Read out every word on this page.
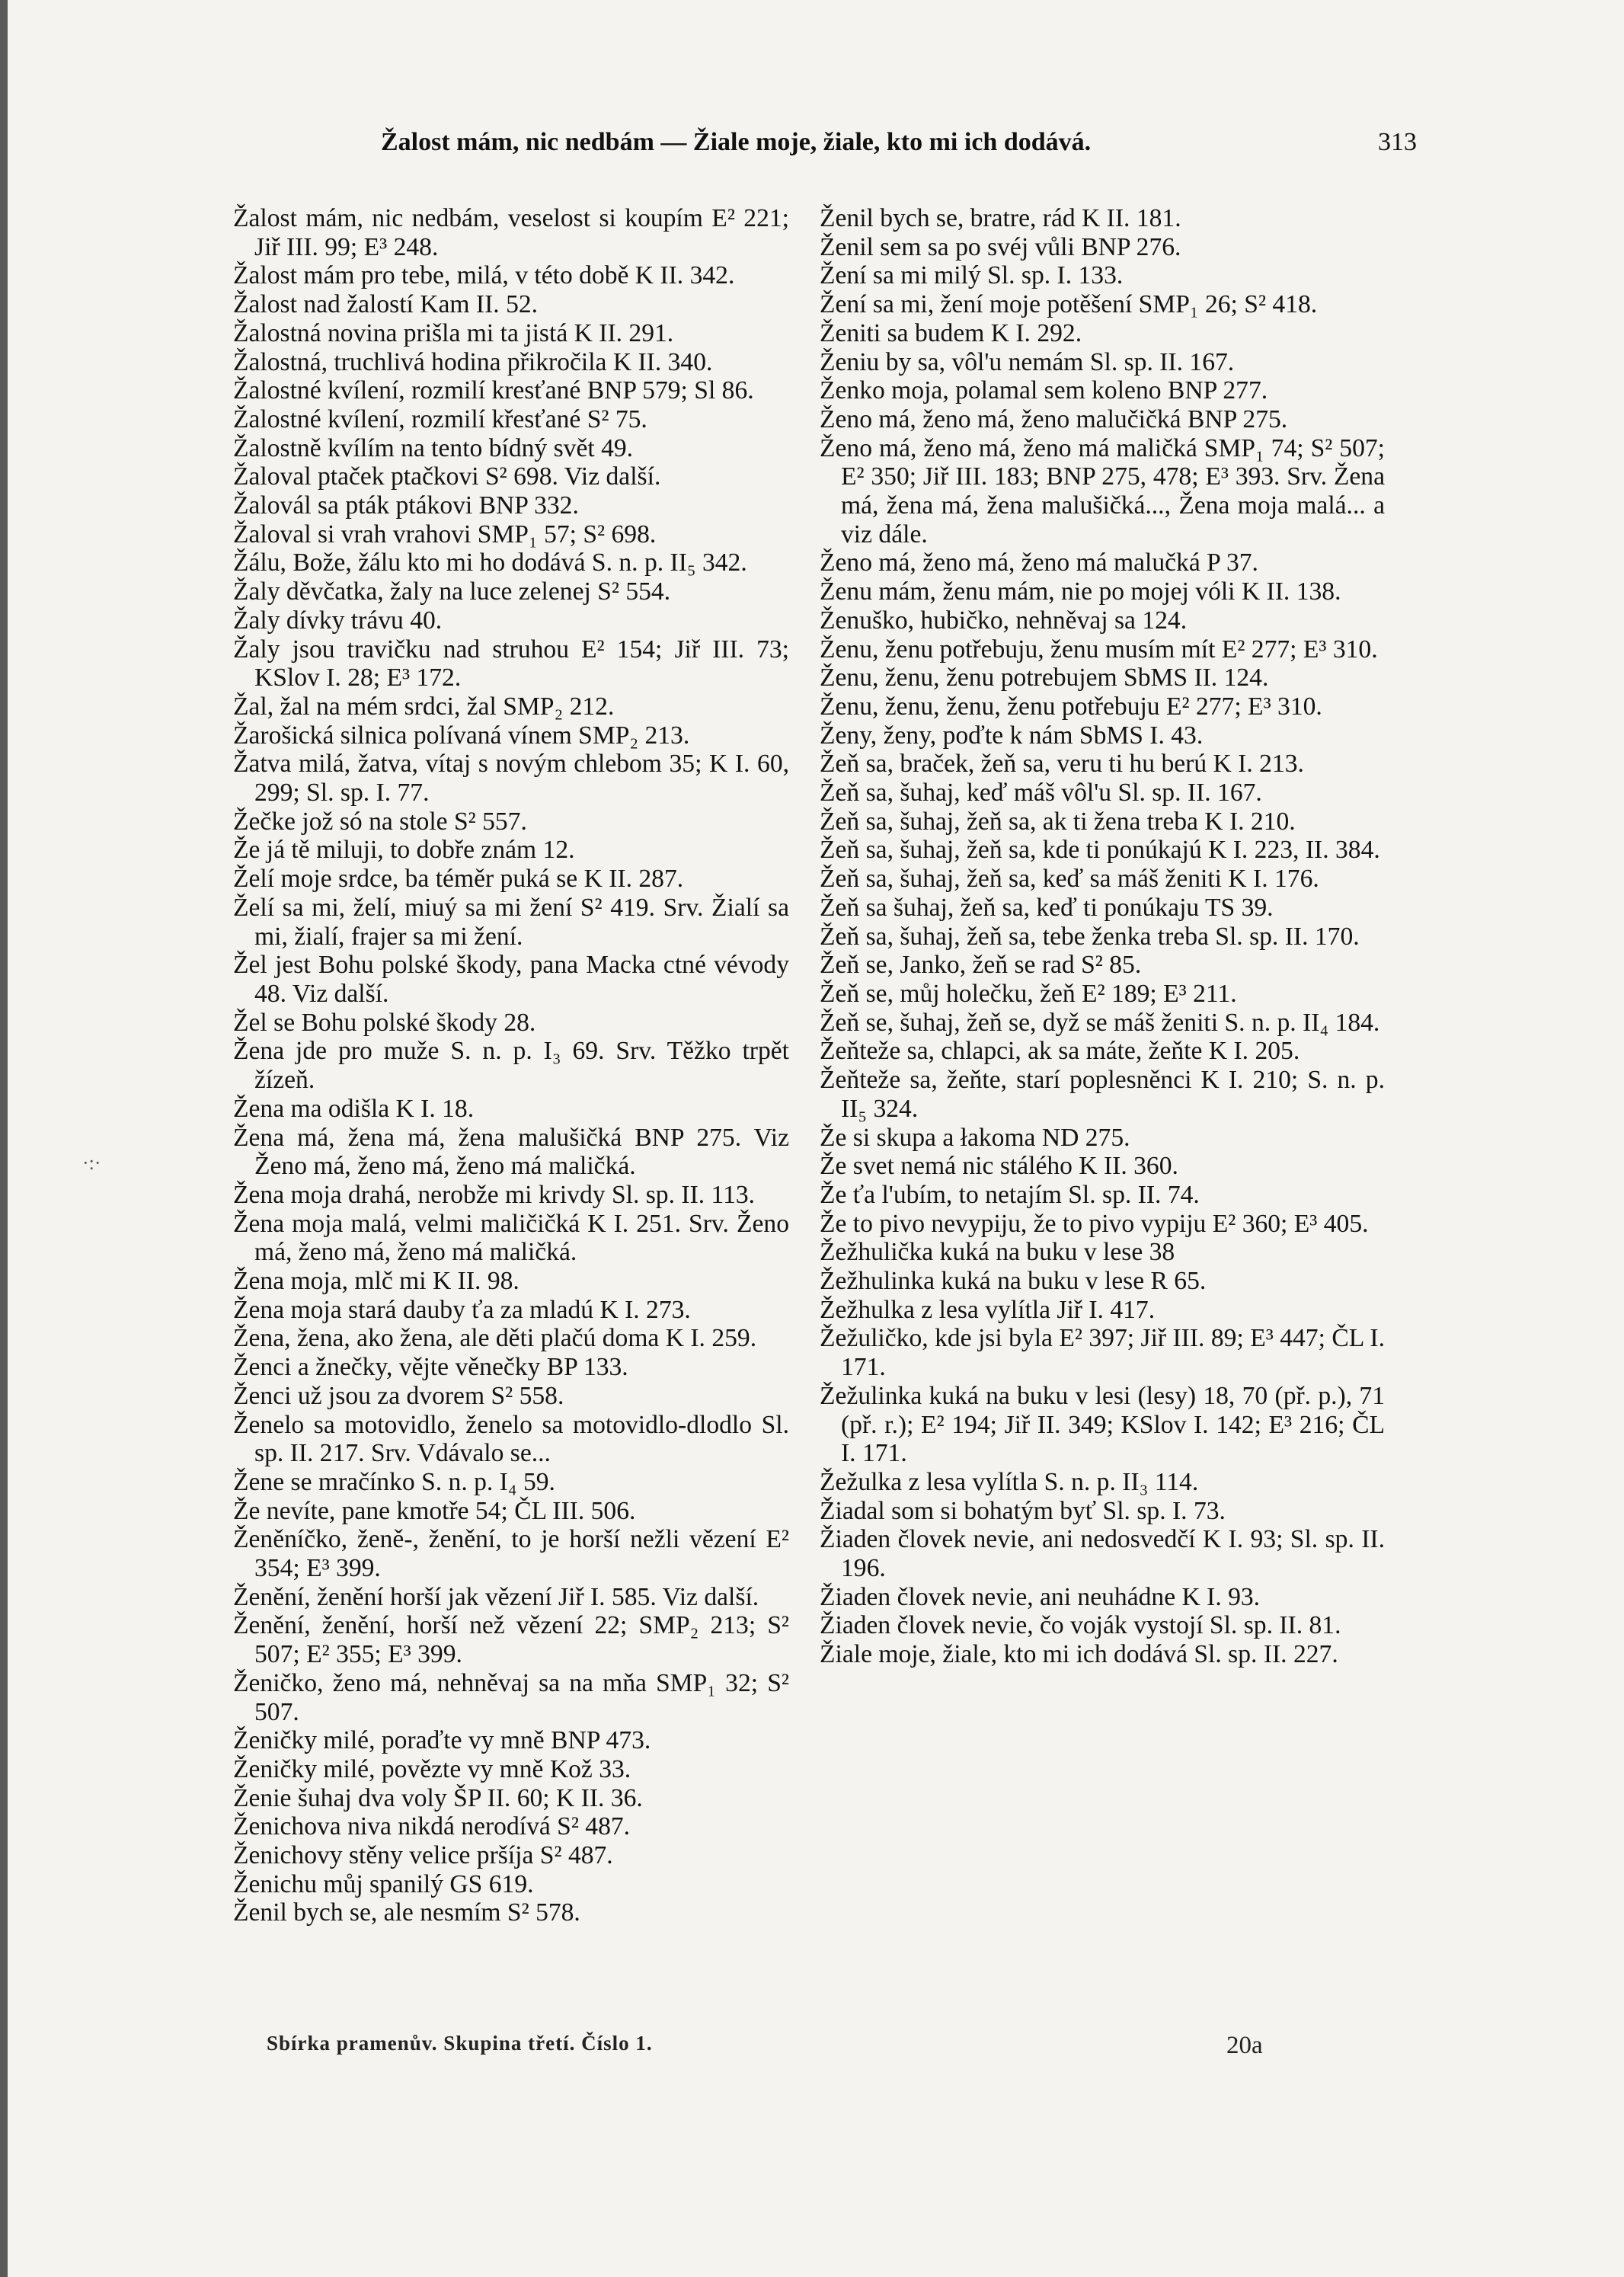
Žalost mám, nic nedbám — Žiale moje, žiale, kto mi ich dodává.	313
Žalost mám, nic nedbám, veselost si koupím E² 221; Jiř III. 99; E³ 248.
Žalost mám pro tebe, milá, v této době K II. 342.
Žalost nad žalostí Kam II. 52.
Žalostná novina prišla mi ta jistá K II. 291.
Žalostná, truchlivá hodina přikročila K II. 340.
Žalostné kvílení, rozmilí kresťané BNP 579; Sl 86.
Žalostné kvílení, rozmilí křesťané S² 75.
Žalostně kvílím na tento bídný svět 49.
Žaloval ptaček ptačkovi S² 698. Viz další.
Žalovál sa pták ptákovi BNP 332.
Žaloval si vrah vrahovi SMP₁ 57; S² 698.
Žálu, Bože, žálu kto mi ho dodává S. n. p. II₅ 342.
Žaly děvčatka, žaly na luce zelenej S² 554.
Žaly dívky trávu 40.
Žaly jsou travičku nad struhou E² 154; Jiř III. 73; KSlov I. 28; E³ 172.
Žal, žal na mém srdci, žal SMP₂ 212.
Žarošická silnica polívaná vínem SMP₂ 213.
Žatva milá, žatva, vítaj s novým chlebom 35; K I. 60, 299; Sl. sp. I. 77.
Žečke jož só na stole S² 557.
Že já tě miluji, to dobře znám 12.
Želí moje srdce, ba téměr puká se K II. 287.
Želí sa mi, želí, miuý sa mi žení S² 419. Srv. Žialí sa mi, žialí, frajer sa mi žení.
Žel jest Bohu polské škody, pana Macka ctné vévody 48. Viz další.
Žel se Bohu polské škody 28.
Žena jde pro muže S. n. p. I₃ 69. Srv. Těžko trpět žízeň.
Žena ma odišla K I. 18.
Žena má, žena má, žena malušičká BNP 275. Viz Ženo má, ženo má, ženo má maličká.
Žena moja drahá, nerobže mi krivdy Sl. sp. II. 113.
Žena moja malá, velmi maličičká K I. 251. Srv. Ženo má, ženo má, ženo má maličká.
Žena moja, mlč mi K II. 98.
Žena moja stará dauby ťa za mladú K I. 273.
Žena, žena, ako žena, ale děti plačú doma K I. 259.
Ženci a žnečky, vějte věnečky BP 133.
Ženci už jsou za dvorem S² 558.
Ženelo sa motovidlo, ženelo sa motovidlo-dlodlo Sl. sp. II. 217. Srv. Vdávalo se...
Žene se mračínko S. n. p. I₄ 59.
Že nevíte, pane kmotře 54; ČL III. 506.
Ženěníčko, ženě-, ženění, to je horší nežli vězení E² 354; E³ 399.
Ženění, ženění horší jak vězení Jiř I. 585. Viz další.
Ženění, ženění, horší než vězení 22; SMP₂ 213; S² 507; E² 355; E³ 399.
Ženičko, ženo má, nehněvaj sa na mňa SMP₁ 32; S² 507.
Ženičky milé, poraďte vy mně BNP 473.
Ženičky milé, povězte vy mně Kož 33.
Ženie šuhaj dva voly ŠP II. 60; K II. 36.
Ženichova niva nikdá nerodívá S² 487.
Ženichovy stěny velice pršíja S² 487.
Ženichu můj spanilý GS 619.
Ženil bych se, ale nesmím S² 578.
Ženil bych se, bratre, rád K II. 181.
Ženil sem sa po svéj vůli BNP 276.
Žení sa mi milý Sl. sp. I. 133.
Žení sa mi, žení moje potěšení SMP₁ 26; S² 418.
Ženiti sa budem K I. 292.
Ženiu by sa, vôl'u nemám Sl. sp. II. 167.
Ženko moja, polamal sem koleno BNP 277.
Ženo má, ženo má, ženo malučičká BNP 275.
Ženo má, ženo má, ženo má maličká SMP₁ 74; S² 507; E² 350; Jiř III. 183; BNP 275, 478; E³ 393. Srv. Žena má, žena má, žena malušičká..., Žena moja malá... a viz dále.
Ženo má, ženo má, ženo má malučká P 37.
Ženu mám, ženu mám, nie po mojej vóli K II. 138.
Ženuško, hubičko, nehněvaj sa 124.
Ženu, ženu potřebuju, ženu musím mít E² 277; E³ 310.
Ženu, ženu, ženu potrebujem SbMS II. 124.
Ženu, ženu, ženu, ženu potřebuju E² 277; E³ 310.
Ženy, ženy, poďte k nám SbMS I. 43.
Žeň sa, braček, žeň sa, veru ti hu berú K I. 213.
Žeň sa, šuhaj, keď máš vôl'u Sl. sp. II. 167.
Žeň sa, šuhaj, žeň sa, ak ti žena treba K I. 210.
Žeň sa, šuhaj, žeň sa, kde ti ponúkajú K I. 223, II. 384.
Žeň sa, šuhaj, žeň sa, keď sa máš ženiti K I. 176.
Žeň sa šuhaj, žeň sa, keď ti ponúkaju TS 39.
Žeň sa, šuhaj, žeň sa, tebe ženka treba Sl. sp. II. 170.
Žeň se, Janko, žeň se rad S² 85.
Žeň se, můj holečku, žeň E² 189; E³ 211.
Žeň se, šuhaj, žeň se, dyž se máš ženiti S. n. p. II₄ 184.
Žeňteže sa, chlapci, ak sa máte, žeňte K I. 205.
Žeňteže sa, žeňte, starí poplesněnci K I. 210; S. n. p. II₅ 324.
Že si skupa a łakoma ND 275.
Že svet nemá nic stálého K II. 360.
Že ťa l'ubím, to netajím Sl. sp. II. 74.
Že to pivo nevypiju, že to pivo vypiju E² 360; E³ 405.
Žežhulička kuká na buku v lese 38
Žežhulinka kuká na buku v lese R 65.
Žežhulka z lesa vylítla Jiř I. 417.
Žežuličko, kde jsi byla E² 397; Jiř III. 89; E³ 447; ČL I. 171.
Žežulinka kuká na buku v lesi (lesy) 18, 70 (př. p.), 71 (př. r.); E² 194; Jiř II. 349; KSlov I. 142; E³ 216; ČL I. 171.
Žežulka z lesa vylítla S. n. p. II₃ 114.
Žiadal som si bohatým byť Sl. sp. I. 73.
Žiaden človek nevie, ani nedosvedčí K I. 93; Sl. sp. II. 196.
Žiaden človek nevie, ani neuhádne K I. 93.
Žiaden človek nevie, čo voják vystojí Sl. sp. II. 81.
Žiale moje, žiale, kto mi ich dodává Sl. sp. II. 227.
·:·
Sbírka pramenův. Skupina třetí. Číslo 1.	20a
